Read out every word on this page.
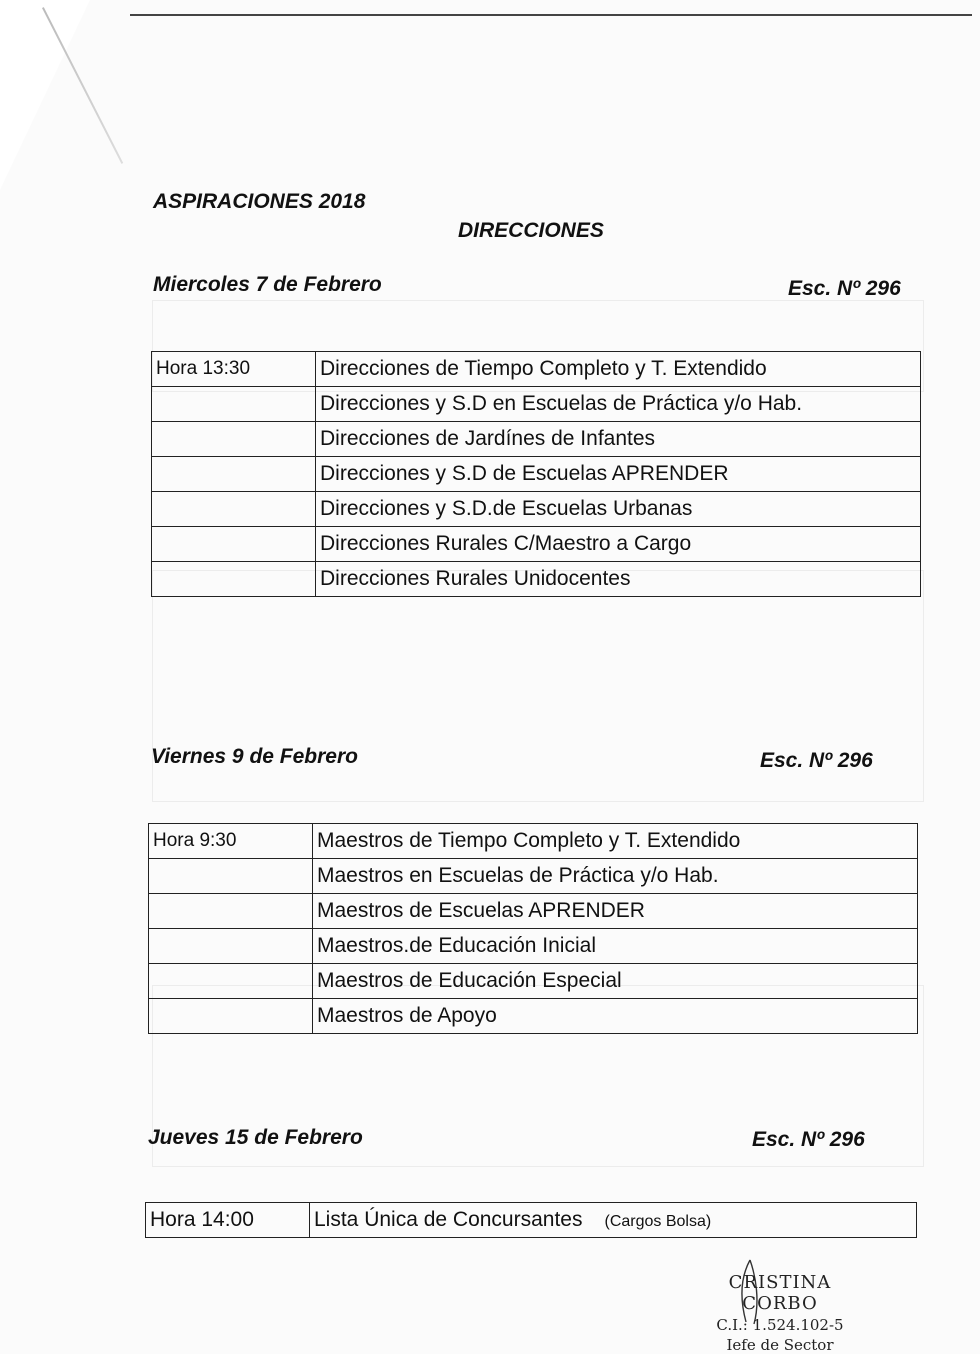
ASPIRACIONES 2018
DIRECCIONES
Miercoles 7 de Febrero	Esc. Nº 296
Hora 13:30	Direcciones de Tiempo Completo y T. Extendido
	Direcciones y S.D en Escuelas de Práctica y/o Hab.
	Direcciones de Jardínes de Infantes
	Direcciones y S.D de Escuelas APRENDER
	Direcciones y S.D.de Escuelas Urbanas
	Direcciones Rurales C/Maestro a Cargo
	Direcciones Rurales Unidocentes
Viernes 9 de Febrero	Esc. Nº 296
Hora 9:30	Maestros de Tiempo Completo y T. Extendido
	Maestros en Escuelas de Práctica y/o Hab.
	Maestros de Escuelas APRENDER
	Maestros.de Educación Inicial
	Maestros de Educación Especial
	Maestros de Apoyo
Jueves 15 de Febrero	Esc. Nº 296
Hora 14:00	Lista Única de Concursantes (Cargos Bolsa)
CRISTINA CORBO
C.I.: 1.524.102-5
Iefe de Sector
